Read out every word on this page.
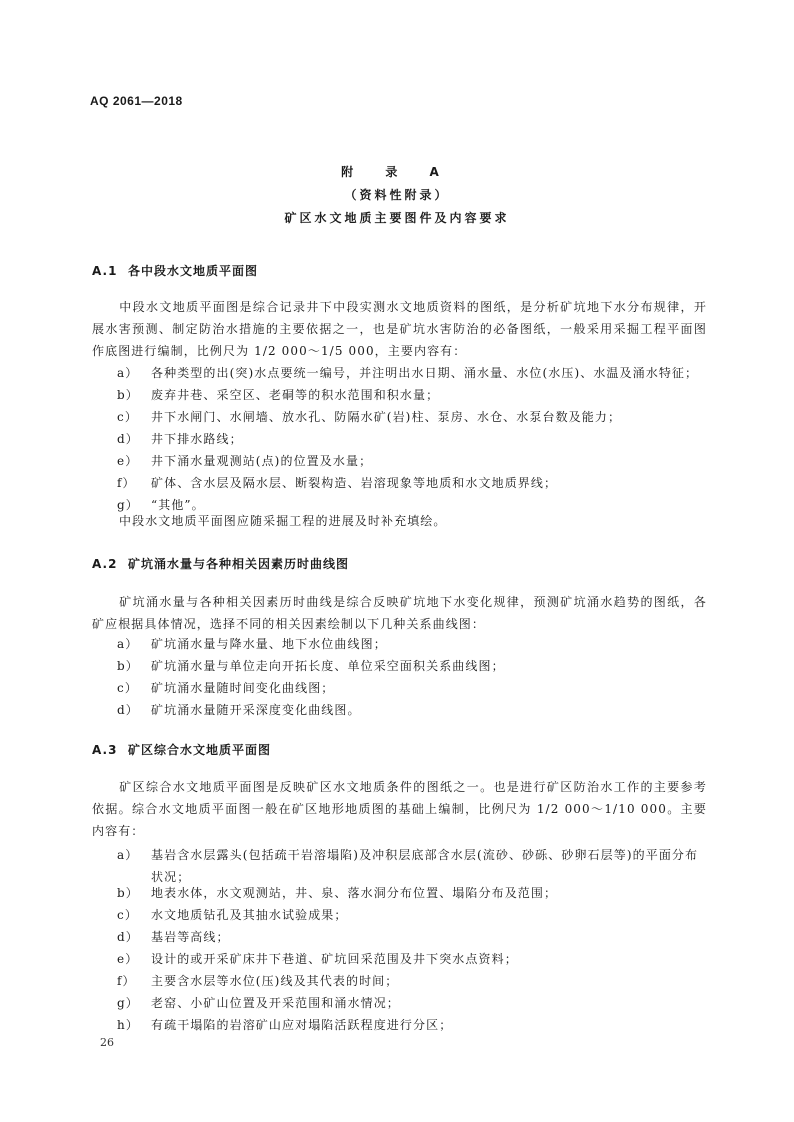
AQ 2061—2018
附 录 A
（资料性附录）
矿区水文地质主要图件及内容要求
A.1 各中段水文地质平面图
中段水文地质平面图是综合记录井下中段实测水文地质资料的图纸，是分析矿坑地下水分布规律，开展水害预测、制定防治水措施的主要依据之一，也是矿坑水害防治的必备图纸，一般采用采掘工程平面图作底图进行编制，比例尺为 1/2 000～1/5 000，主要内容有：
a）	各种类型的出(突)水点要统一编号，并注明出水日期、涌水量、水位(水压)、水温及涌水特征；
b）	废弃井巷、采空区、老硐等的积水范围和积水量；
c）	井下水闸门、水闸墙、放水孔、防隔水矿(岩)柱、泵房、水仓、水泵台数及能力；
d）	井下排水路线；
e）	井下涌水量观测站(点)的位置及水量；
f）	矿体、含水层及隔水层、断裂构造、岩溶现象等地质和水文地质界线；
g）	“其他”。
中段水文地质平面图应随采掘工程的进展及时补充填绘。
A.2 矿坑涌水量与各种相关因素历时曲线图
矿坑涌水量与各种相关因素历时曲线是综合反映矿坑地下水变化规律，预测矿坑涌水趋势的图纸，各矿应根据具体情况，选择不同的相关因素绘制以下几种关系曲线图：
a）	矿坑涌水量与降水量、地下水位曲线图；
b）	矿坑涌水量与单位走向开拓长度、单位采空面积关系曲线图；
c）	矿坑涌水量随时间变化曲线图；
d）	矿坑涌水量随开采深度变化曲线图。
A.3 矿区综合水文地质平面图
矿区综合水文地质平面图是反映矿区水文地质条件的图纸之一。也是进行矿区防治水工作的主要参考依据。综合水文地质平面图一般在矿区地形地质图的基础上编制，比例尺为 1/2 000～1/10 000。主要内容有：
a）	基岩含水层露头(包括疏干岩溶塌陷)及冲积层底部含水层(流砂、砂砾、砂卵石层等)的平面分布状况；
b）	地表水体，水文观测站，井、泉、落水洞分布位置、塌陷分布及范围；
c）	水文地质钻孔及其抽水试验成果；
d）	基岩等高线；
e）	设计的或开采矿床井下巷道、矿坑回采范围及井下突水点资料；
f）	主要含水层等水位(压)线及其代表的时间；
g）	老窑、小矿山位置及开采范围和涌水情况；
h）	有疏干塌陷的岩溶矿山应对塌陷活跃程度进行分区；
26
